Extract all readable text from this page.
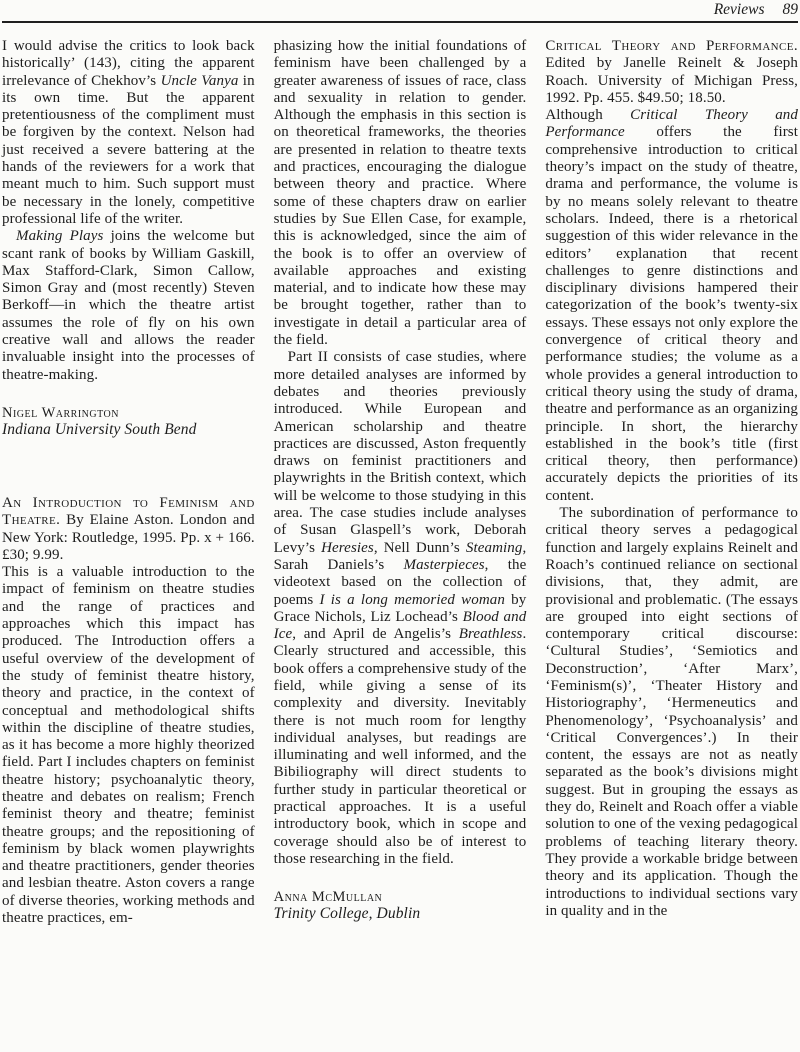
Reviews 89

I would advise the critics to look back historically’ (143), citing the apparent irrelevance of Chekhov’s Uncle Vanya in its own time. But the apparent pretentiousness of the compliment must be forgiven by the context. Nelson had just received a severe battering at the hands of the reviewers for a work that meant much to him. Such support must be necessary in the lonely, competitive professional life of the writer.

Making Plays joins the welcome but scant rank of books by William Gaskill, Max Stafford-Clark, Simon Callow, Simon Gray and (most recently) Steven Berkoff—in which the theatre artist assumes the role of fly on his own creative wall and allows the reader invaluable insight into the processes of theatre-making.

Nigel Warrington
Indiana University South Bend

An Introduction to Feminism and Theatre. By Elaine Aston. London and New York: Routledge, 1995. Pp. x + 166. £30; 9.99.

This is a valuable introduction to the impact of feminism on theatre studies and the range of practices and approaches which this impact has produced. The Introduction offers a useful overview of the development of the study of feminist theatre history, theory and practice, in the context of conceptual and methodological shifts within the discipline of theatre studies, as it has become a more highly theorized field. Part I includes chapters on feminist theatre history; psychoanalytic theory, theatre and debates on realism; French feminist theory and theatre; feminist theatre groups; and the repositioning of feminism by black women playwrights and theatre practitioners, gender theories and lesbian theatre. Aston covers a range of diverse theories, working methods and theatre practices, em-

phasizing how the initial foundations of feminism have been challenged by a greater awareness of issues of race, class and sexuality in relation to gender. Although the emphasis in this section is on theoretical frameworks, the theories are presented in relation to theatre texts and practices, encouraging the dialogue between theory and practice. Where some of these chapters draw on earlier studies by Sue Ellen Case, for example, this is acknowledged, since the aim of the book is to offer an overview of available approaches and existing material, and to indicate how these may be brought together, rather than to investigate in detail a particular area of the field.

Part II consists of case studies, where more detailed analyses are informed by debates and theories previously introduced. While European and American scholarship and theatre practices are discussed, Aston frequently draws on feminist practitioners and playwrights in the British context, which will be welcome to those studying in this area. The case studies include analyses of Susan Glaspell’s work, Deborah Levy’s Heresies, Nell Dunn’s Steaming, Sarah Daniels’s Masterpieces, the videotext based on the collection of poems I is a long memoried woman by Grace Nichols, Liz Lochead’s Blood and Ice, and April de Angelis’s Breathless. Clearly structured and accessible, this book offers a comprehensive study of the field, while giving a sense of its complexity and diversity. Inevitably there is not much room for lengthy individual analyses, but readings are illuminating and well informed, and the Bibiliography will direct students to further study in particular theoretical or practical approaches. It is a useful introductory book, which in scope and coverage should also be of interest to those researching in the field.

Anna McMullan
Trinity College, Dublin

Critical Theory and Performance. Edited by Janelle Reinelt & Joseph Roach. University of Michigan Press, 1992. Pp. 455. $49.50; 18.50.

Although Critical Theory and Performance offers the first comprehensive introduction to critical theory’s impact on the study of theatre, drama and performance, the volume is by no means solely relevant to theatre scholars. Indeed, there is a rhetorical suggestion of this wider relevance in the editors’ explanation that recent challenges to genre distinctions and disciplinary divisions hampered their categorization of the book’s twenty-six essays. These essays not only explore the convergence of critical theory and performance studies; the volume as a whole provides a general introduction to critical theory using the study of drama, theatre and performance as an organizing principle. In short, the hierarchy established in the book’s title (first critical theory, then performance) accurately depicts the priorities of its content.

The subordination of performance to critical theory serves a pedagogical function and largely explains Reinelt and Roach’s continued reliance on sectional divisions, that, they admit, are provisional and problematic. (The essays are grouped into eight sections of contemporary critical discourse: ‘Cultural Studies’, ‘Semiotics and Deconstruction’, ‘After Marx’, ‘Feminism(s)’, ‘Theater History and Historiography’, ‘Hermeneutics and Phenomenology’, ‘Psychoanalysis’ and ‘Critical Convergences’.) In their content, the essays are not as neatly separated as the book’s divisions might suggest. But in grouping the essays as they do, Reinelt and Roach offer a viable solution to one of the vexing pedagogical problems of teaching literary theory. They provide a workable bridge between theory and its application. Though the introductions to individual sections vary in quality and in the
